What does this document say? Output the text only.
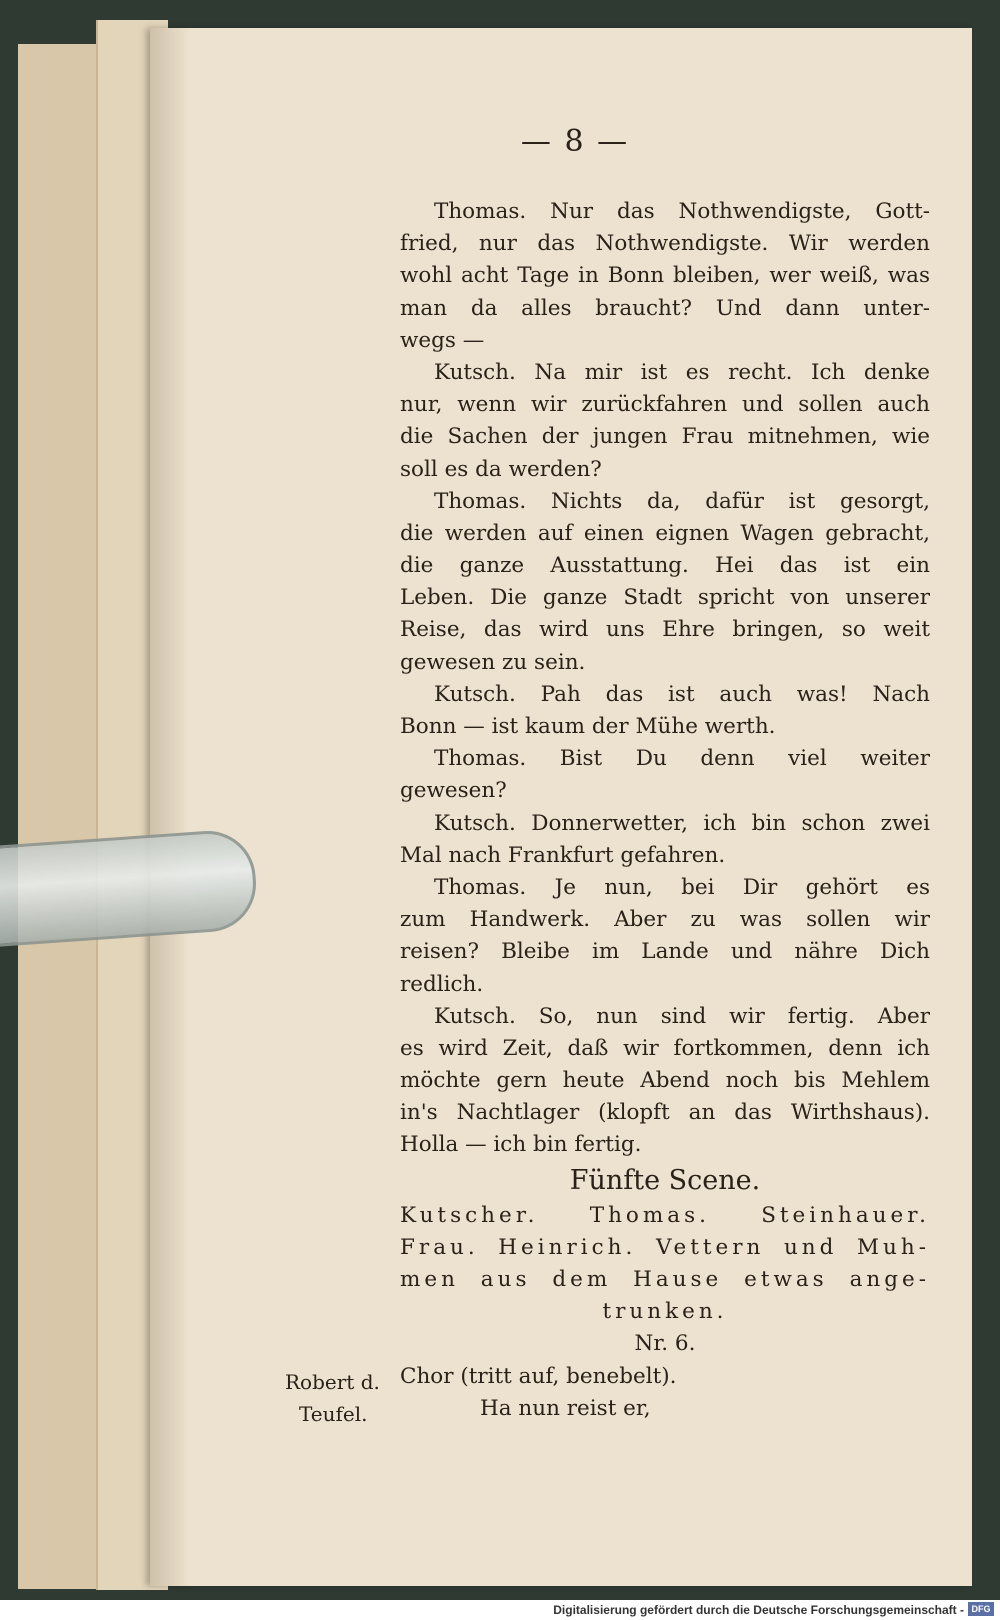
— 8 —
Thomas. Nur das Nothwendigste, Gott-
fried, nur das Nothwendigste. Wir werden
wohl acht Tage in Bonn bleiben, wer weiß, was
man da alles braucht? Und dann unter-
wegs —
Kutsch. Na mir ist es recht. Ich denke
nur, wenn wir zurückfahren und sollen auch
die Sachen der jungen Frau mitnehmen, wie
soll es da werden?
Thomas. Nichts da, dafür ist gesorgt,
die werden auf einen eignen Wagen gebracht,
die ganze Ausstattung. Hei das ist ein
Leben. Die ganze Stadt spricht von unserer
Reise, das wird uns Ehre bringen, so weit
gewesen zu sein.
Kutsch. Pah das ist auch was! Nach
Bonn — ist kaum der Mühe werth.
Thomas. Bist Du denn viel weiter
gewesen?
Kutsch. Donnerwetter, ich bin schon zwei
Mal nach Frankfurt gefahren.
Thomas. Je nun, bei Dir gehört es
zum Handwerk. Aber zu was sollen wir
reisen? Bleibe im Lande und nähre Dich
redlich.
Kutsch. So, nun sind wir fertig. Aber
es wird Zeit, daß wir fortkommen, denn ich
möchte gern heute Abend noch bis Mehlem
in's Nachtlager (klopft an das Wirthshaus).
Holla — ich bin fertig.
Fünfte Scene.
Kutscher. Thomas. Steinhauer.
Frau. Heinrich. Vettern und Muh-
men aus dem Hause etwas ange-
trunken.
Nr. 6.
Chor (tritt auf, benebelt).
Ha nun reist er,
Robert d.
Teufel.
Digitalisierung gefördert durch die Deutsche Forschungsgemeinschaft - DFG
